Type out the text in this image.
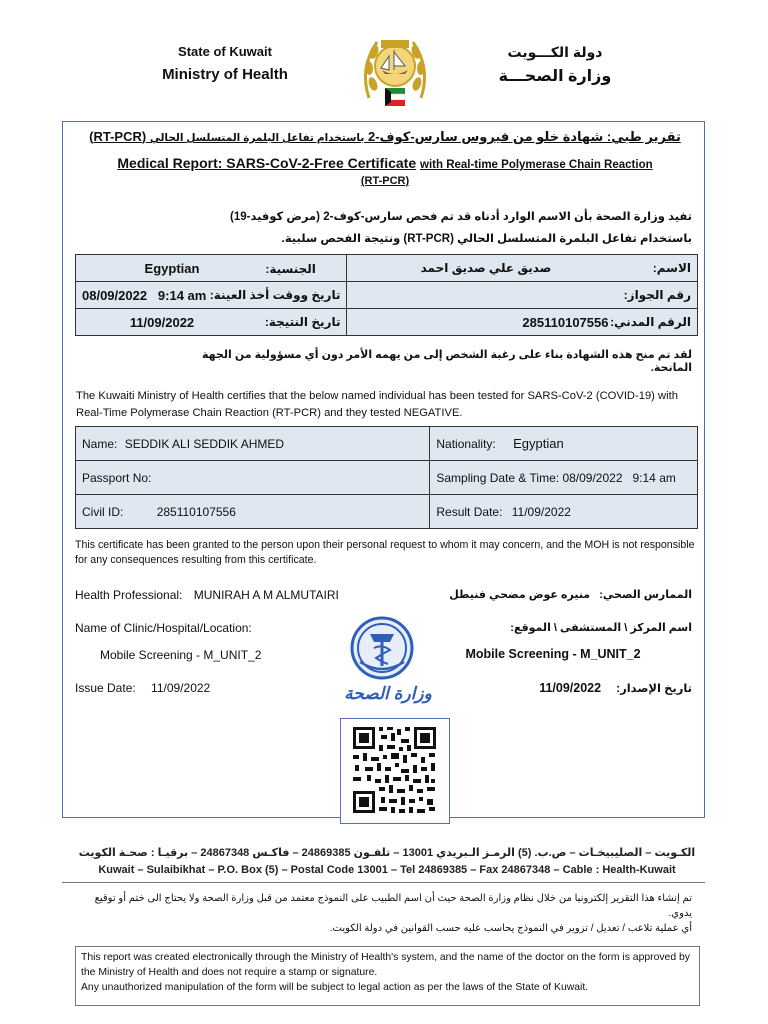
State of Kuwait
Ministry of Health
دولة الكـــويت
وزارة الصحـــة
تقرير طبي: شهادة خلو من فيروس سارس-كوف-2 باستخدام تفاعل البلمرة المتسلسل الحالي (RT-PCR)
Medical Report: SARS-CoV-2-Free Certificate with Real-time Polymerase Chain Reaction
(RT-PCR)
تفيد وزارة الصحة بأن الاسم الوارد أدناه قد تم فحص سارس-كوف-2 (مرض كوفيد-19) باستخدام تفاعل البلمرة المتسلسل الحالي (RT-PCR) ونتيجة الفحص سلبية.
Egyptian الجنسية:	صديق علي صديق احمد الاسم:

08/09/2022   9:14 am تاريخ ووقت أخذ العينة:	رقم الجواز:

11/09/2022 تاريخ النتيجة:	285110107556 الرقم المدني:
لقد تم منح هذه الشهادة بناء على رغبة الشخص إلى من يهمه الأمر دون أي مسؤولية من الجهة المانحة.
The Kuwaiti Ministry of Health certifies that the below named individual has been tested for SARS-CoV-2 (COVID-19) with Real-Time Polymerase Chain Reaction (RT-PCR) and they tested NEGATIVE.
Name: SEDDIK ALI SEDDIK AHMED	Nationality: Egyptian
Passport No:	Sampling Date & Time: 08/09/2022   9:14 am
Civil ID: 285110107556	Result Date: 11/09/2022
This certificate has been granted to the person upon their personal request to whom it may concern, and the MOH is not responsible for any consequences resulting from this certificate.
Health Professional: MUNIRAH A M ALMUTAIRI	الممارس الصحي: منيره عوض مضحي فنيطل
Name of Clinic/Hospital/Location:	اسم المركز \ المستشفى \ الموقع:
Mobile Screening - M_UNIT_2	Mobile Screening - M_UNIT_2
Issue Date: 11/09/2022	تاريخ الإصدار: 11/09/2022
وزارة الصحة
الكـويت – الصليبيخـات – ص.ب. (5) الرمـز الـبريدي 13001 – تلفـون 24869385 – فاكـس 24867348 – برقيـا : صحـة الكويت
Kuwait – Sulaibikhat – P.O. Box (5) – Postal Code 13001 – Tel 24869385 – Fax 24867348 – Cable : Health-Kuwait
تم إنشاء هذا التقرير إلكترونيا من خلال نظام وزارة الصحة حيث أن اسم الطبيب على النموذج معتمد من قبل وزارة الصحة ولا يحتاج الى ختم أو توقيع يدوي.
أي عملية تلاعب / تعديل / تزوير في النموذج يحاسب عليه حسب القوانين في دولة الكويت.
This report was created electronically through the Ministry of Health's system, and the name of the doctor on the form is approved by the Ministry of Health and does not require a stamp or signature.
Any unauthorized manipulation of the form will be subject to legal action as per the laws of the State of Kuwait.
